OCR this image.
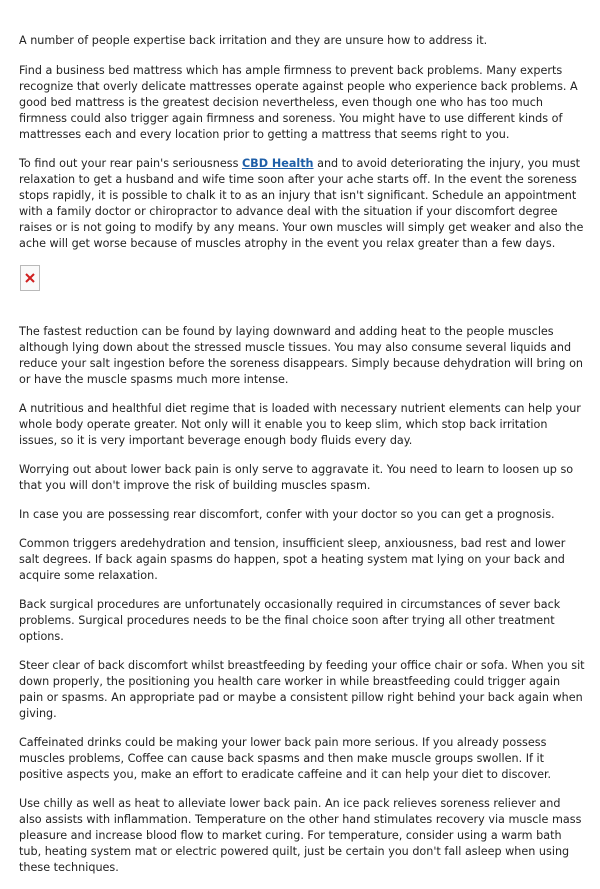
A number of people expertise back irritation and they are unsure how to address it.

Find a business bed mattress which has ample firmness to prevent back problems. Many experts recognize that overly delicate mattresses operate against people who experience back problems. A good bed mattress is the greatest decision nevertheless, even though one who has too much firmness could also trigger again firmness and soreness. You might have to use different kinds of mattresses each and every location prior to getting a mattress that seems right to you.

To find out your rear pain's seriousness CBD Health and to avoid deteriorating the injury, you must relaxation to get a husband and wife time soon after your ache starts off. In the event the soreness stops rapidly, it is possible to chalk it to as an injury that isn't significant. Schedule an appointment with a family doctor or chiropractor to advance deal with the situation if your discomfort degree raises or is not going to modify by any means. Your own muscles will simply get weaker and also the ache will get worse because of muscles atrophy in the event you relax greater than a few days.

The fastest reduction can be found by laying downward and adding heat to the people muscles although lying down about the stressed muscle tissues. You may also consume several liquids and reduce your salt ingestion before the soreness disappears. Simply because dehydration will bring on or have the muscle spasms much more intense.

A nutritious and healthful diet regime that is loaded with necessary nutrient elements can help your whole body operate greater. Not only will it enable you to keep slim, which stop back irritation issues, so it is very important beverage enough body fluids every day.

Worrying out about lower back pain is only serve to aggravate it. You need to learn to loosen up so that you will don't improve the risk of building muscles spasm.

In case you are possessing rear discomfort, confer with your doctor so you can get a prognosis.

Common triggers aredehydration and tension, insufficient sleep, anxiousness, bad rest and lower salt degrees. If back again spasms do happen, spot a heating system mat lying on your back and acquire some relaxation.

Back surgical procedures are unfortunately occasionally required in circumstances of sever back problems. Surgical procedures needs to be the final choice soon after trying all other treatment options.

Steer clear of back discomfort whilst breastfeeding by feeding your office chair or sofa. When you sit down properly, the positioning you health care worker in while breastfeeding could trigger again pain or spasms. An appropriate pad or maybe a consistent pillow right behind your back again when giving.

Caffeinated drinks could be making your lower back pain more serious. If you already possess muscles problems, Coffee can cause back spasms and then make muscle groups swollen. If it positive aspects you, make an effort to eradicate caffeine and it can help your diet to discover.

Use chilly as well as heat to alleviate lower back pain. An ice pack relieves soreness reliever and also assists with inflammation. Temperature on the other hand stimulates recovery via muscle mass pleasure and increase blood flow to market curing. For temperature, consider using a warm bath tub, heating system mat or electric powered quilt, just be certain you don't fall asleep when using these techniques.
